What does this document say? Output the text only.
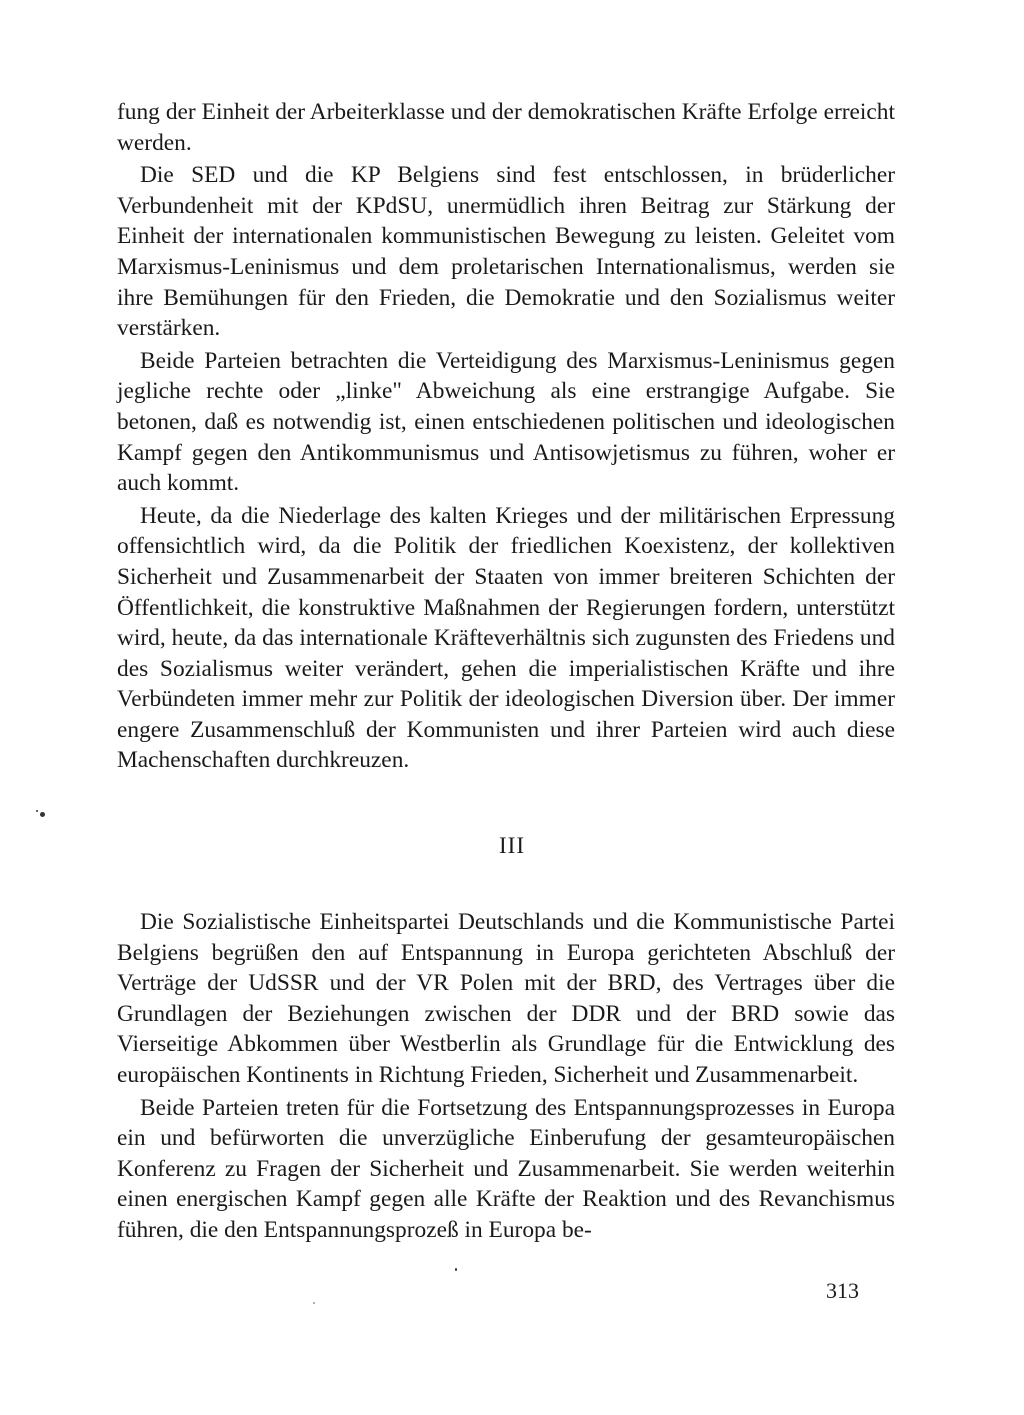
fung der Einheit der Arbeiterklasse und der demokratischen Kräfte Erfolge erreicht werden.

Die SED und die KP Belgiens sind fest entschlossen, in brüderlicher Verbundenheit mit der KPdSU, unermüdlich ihren Beitrag zur Stärkung der Einheit der internationalen kommunistischen Bewegung zu leisten. Geleitet vom Marxismus-Leninismus und dem proletarischen Internationalismus, werden sie ihre Bemühungen für den Frieden, die Demokratie und den Sozialismus weiter verstärken.

Beide Parteien betrachten die Verteidigung des Marxismus-Leninismus gegen jegliche rechte oder „linke" Abweichung als eine erstrangige Aufgabe. Sie betonen, daß es notwendig ist, einen entschiedenen politischen und ideologischen Kampf gegen den Antikommunismus und Antisowjetismus zu führen, woher er auch kommt.

Heute, da die Niederlage des kalten Krieges und der militärischen Erpressung offensichtlich wird, da die Politik der friedlichen Koexistenz, der kollektiven Sicherheit und Zusammenarbeit der Staaten von immer breiteren Schichten der Öffentlichkeit, die konstruktive Maßnahmen der Regierungen fordern, unterstützt wird, heute, da das internationale Kräfteverhältnis sich zugunsten des Friedens und des Sozialismus weiter verändert, gehen die imperialistischen Kräfte und ihre Verbündeten immer mehr zur Politik der ideologischen Diversion über. Der immer engere Zusammenschluß der Kommunisten und ihrer Parteien wird auch diese Machenschaften durchkreuzen.

III

Die Sozialistische Einheitspartei Deutschlands und die Kommunistische Partei Belgiens begrüßen den auf Entspannung in Europa gerichteten Abschluß der Verträge der UdSSR und der VR Polen mit der BRD, des Vertrages über die Grundlagen der Beziehungen zwischen der DDR und der BRD sowie das Vierseitige Abkommen über Westberlin als Grundlage für die Entwicklung des europäischen Kontinents in Richtung Frieden, Sicherheit und Zusammenarbeit.

Beide Parteien treten für die Fortsetzung des Entspannungsprozesses in Europa ein und befürworten die unverzügliche Einberufung der gesamteuropäischen Konferenz zu Fragen der Sicherheit und Zusammenarbeit. Sie werden weiterhin einen energischen Kampf gegen alle Kräfte der Reaktion und des Revanchismus führen, die den Entspannungsprozeß in Europa be-

313
